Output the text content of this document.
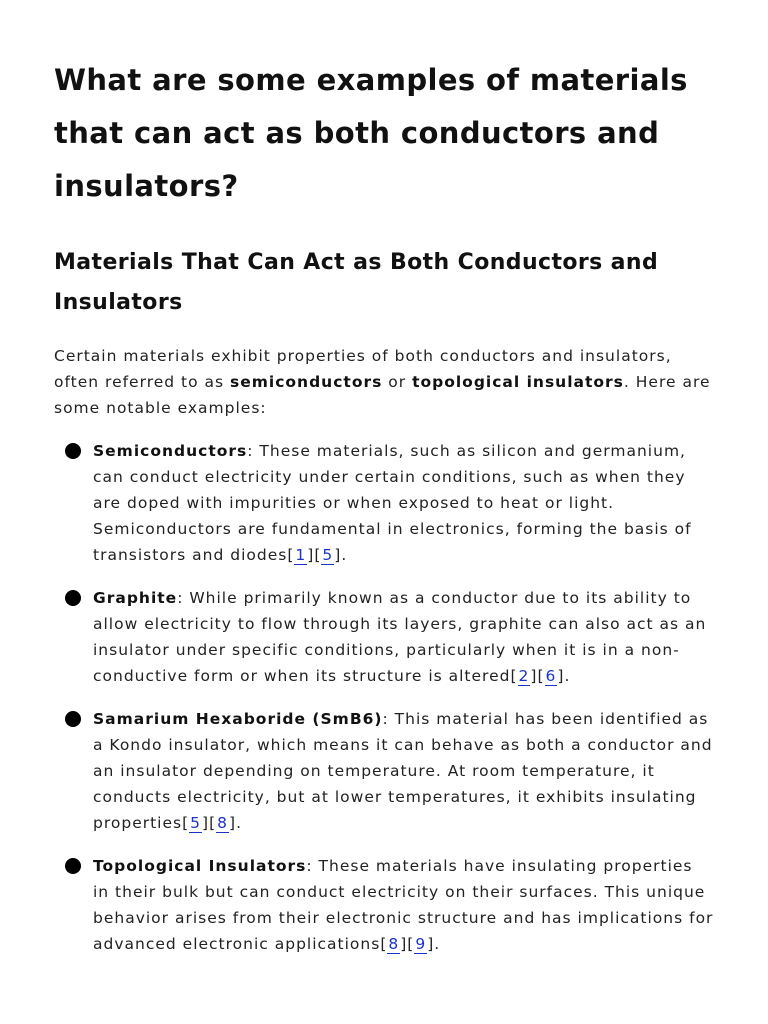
What are some examples of materials that can act as both conductors and insulators?
Materials That Can Act as Both Conductors and Insulators

Certain materials exhibit properties of both conductors and insulators, often referred to as semiconductors or topological insulators. Here are some notable examples:

Semiconductors: These materials, such as silicon and germanium, can conduct electricity under certain conditions, such as when they are doped with impurities or when exposed to heat or light. Semiconductors are fundamental in electronics, forming the basis of transistors and diodes[1][5].
Graphite: While primarily known as a conductor due to its ability to allow electricity to flow through its layers, graphite can also act as an insulator under specific conditions, particularly when it is in a non-conductive form or when its structure is altered[2][6].
Samarium Hexaboride (SmB6): This material has been identified as a Kondo insulator, which means it can behave as both a conductor and an insulator depending on temperature. At room temperature, it conducts electricity, but at lower temperatures, it exhibits insulating properties[5][8].
Topological Insulators: These materials have insulating properties in their bulk but can conduct electricity on their surfaces. This unique behavior arises from their electronic structure and has implications for advanced electronic applications[8][9].
